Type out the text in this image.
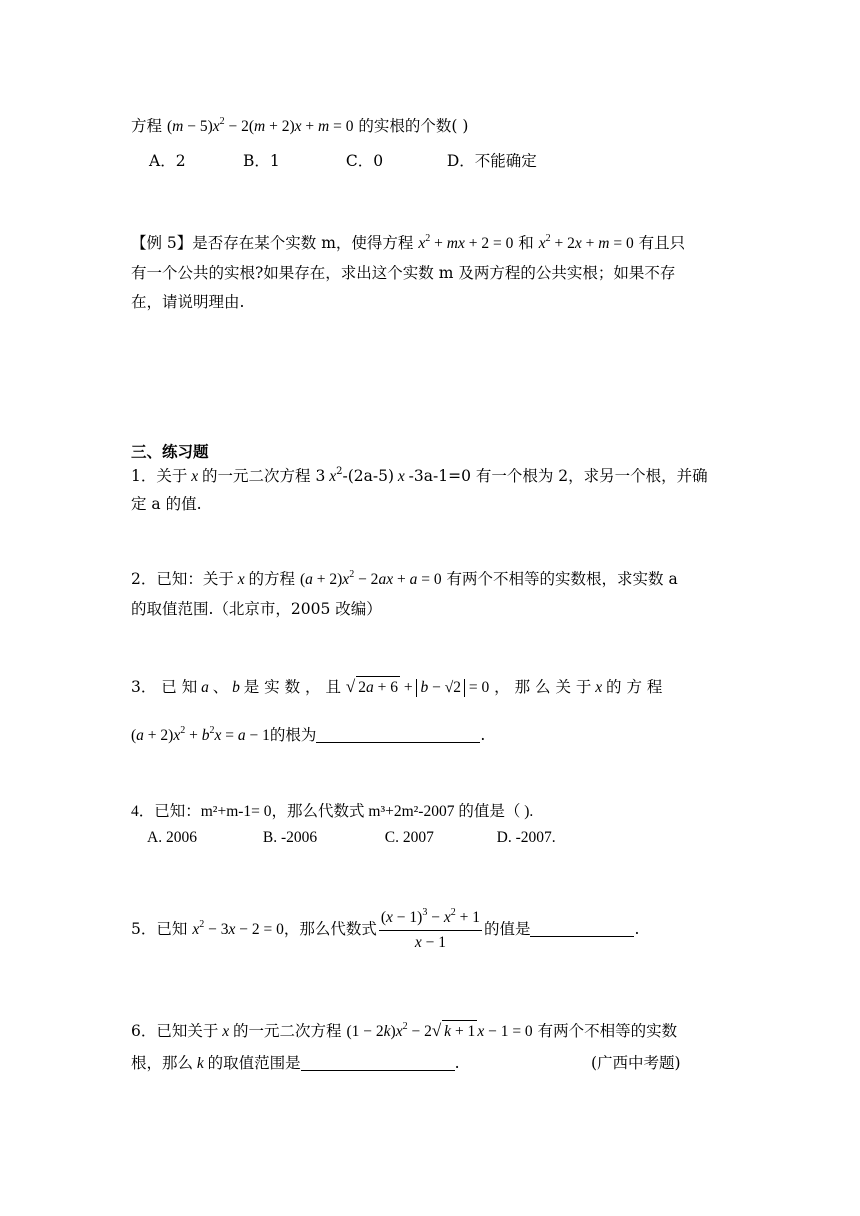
方程 $(m - 5)x^2 - 2(m + 2)x + m = 0$ 的实根的个数( )
A．2	B．1	C．0	D．不能确定
【例 5】是否存在某个实数 m，使得方程 $x^2$ + mx + 2 = 0 和 $x^2 + 2x + m = 0$ 有且只
有一个公共的实根?如果存在，求出这个实数 m 及两方程的公共实根；如果不存
在，请说明理由.
三、练习题
1．关于 x 的一元二次方程 3 $x^2-(2a-5)$ x -3a-1=0 有一个根为 2，求另一个根，并确
定 a 的值.
2．已知：关于 x 的方程 $(a + 2)x^2 - 2ax + a = 0$ 有两个不相等的实数根，求实数 a
的取值范围.（北京市，2005 改编）
3． 已 知 a 、 b 是 实 数 ， 且 √ 2a + 6 + b − √2 = 0 ， 那 么 关 于 x 的 方 程
$(a + 2)x^2 + b^2x = a - 1$的根为	.
4．已知：m²+m-1= 0，那么代数式 m³+2m²-2007 的值是（ ).
A. 2006	B. -2006	C. 2007	D. -2007.
5．已知 $x^2 - 3x - 2 = 0$，那么代数式 $\frac{(x - 1)^3 - x^2 + 1}{x - 1}$ 的值是	.
6．已知关于 x 的一元二次方程 $(1 - 2k)x^2 - 2√$ k + 1 x − 1 = 0 有两个不相等的实数
根，那么 k 的取值范围是	.	(广西中考题)
